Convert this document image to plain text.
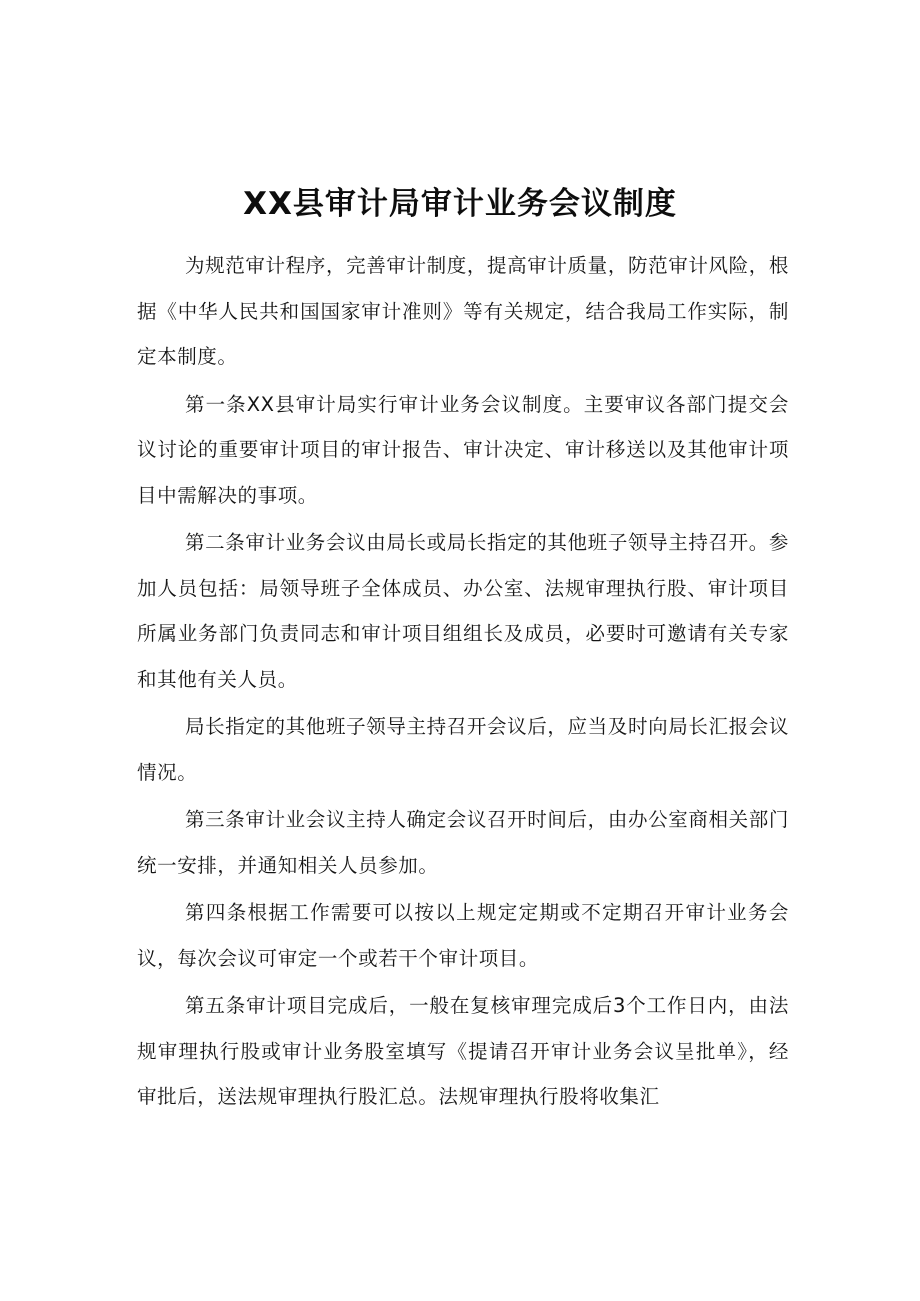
XX县审计局审计业务会议制度

为规范审计程序，完善审计制度，提高审计质量，防范审计风险，根据《中华人民共和国国家审计准则》等有关规定，结合我局工作实际，制定本制度。

第一条XX县审计局实行审计业务会议制度。主要审议各部门提交会议讨论的重要审计项目的审计报告、审计决定、审计移送以及其他审计项目中需解决的事项。

第二条审计业务会议由局长或局长指定的其他班子领导主持召开。参加人员包括：局领导班子全体成员、办公室、法规审理执行股、审计项目所属业务部门负责同志和审计项目组组长及成员，必要时可邀请有关专家和其他有关人员。

局长指定的其他班子领导主持召开会议后，应当及时向局长汇报会议情况。

第三条审计业会议主持人确定会议召开时间后，由办公室商相关部门统一安排，并通知相关人员参加。

第四条根据工作需要可以按以上规定定期或不定期召开审计业务会议，每次会议可审定一个或若干个审计项目。

第五条审计项目完成后，一般在复核审理完成后3个工作日内，由法规审理执行股或审计业务股室填写《提请召开审计业务会议呈批单》，经审批后，送法规审理执行股汇总。法规审理执行股将收集汇
